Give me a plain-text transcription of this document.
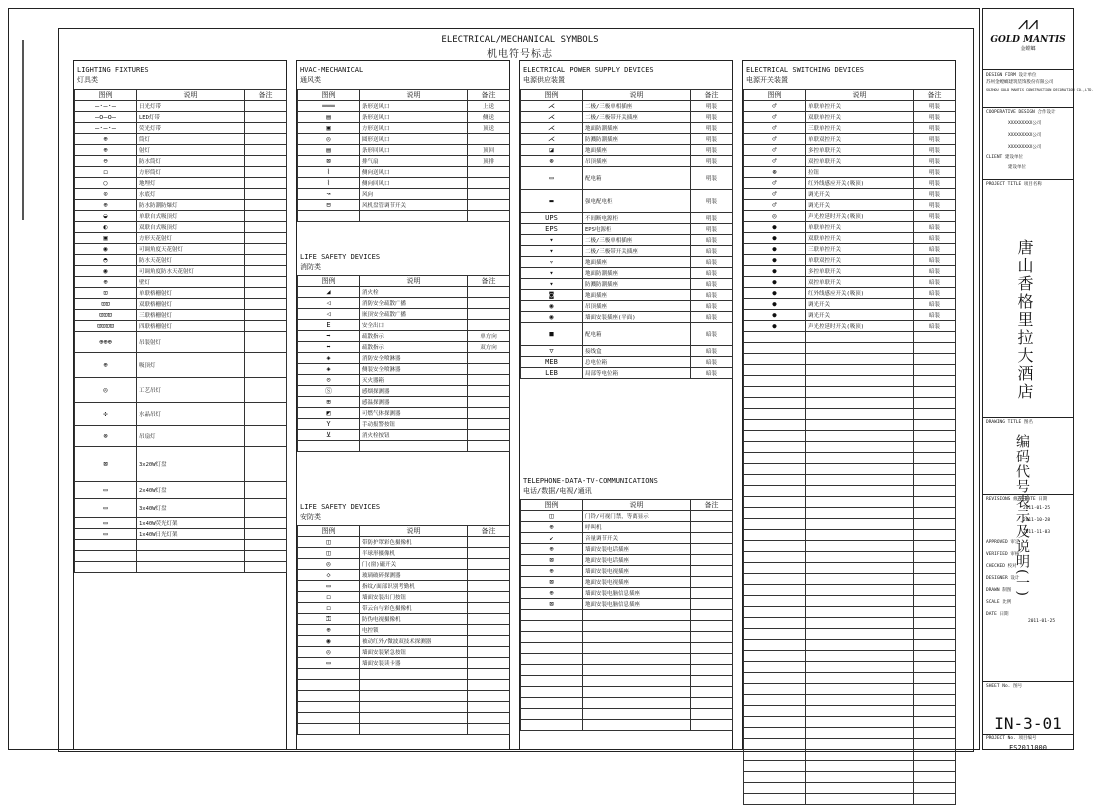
ELECTRICAL/MECHANICAL SYMBOLS
机电符号标志
LIGHTING FIXTURES
灯具类
图例	说明	备注
—·—·—	日光灯带	
—o—o—	LED灯带	
—·—·—	荧光灯带	
⊕	筒灯	
⊕	射灯	
⊖	防水筒灯	
◻	方形筒灯	
○	地埋灯	
⊙	水底灯	
⊕	防水防潮防爆灯	
◒	单联自式吸顶灯	
◐	双联自式吸顶灯	
▣	方形天花射灯	
◉	可调角度天花射灯	
◓	防水天花射灯	
◉	可调角度防水天花射灯	
⊕	壁灯	
⊡	单联格栅射灯	
⊡⊡	双联格栅射灯	
⊡⊡⊡	三联格栅射灯	
⊡⊡⊡⊡	四联格栅射灯	
⊕⊕⊕	吊装射灯	
⊕	吸顶灯	
◎	工艺吊灯	
✣	水晶吊灯	
⊗	吊扇灯	
⊠	3x20W灯盘	
▭	2x40W灯盘	
▭	3x40W灯盘	
▭	1x40W荧光灯架	
▭	1x40W日光灯架	

HVAC-MECHANICAL
通风类
图例	说明	备注
═══	条形送风口	上送
▤	条形送风口	侧送
▣	方形送风口	顶送
◎	圆形送风口	
▤	条形回风口	顶回
⊠	排气扇	顶排
⌇	侧向送风口	
⌇	侧向回风口	
↝	风向	
⊟	风机盘管调节开关	

LIFE SAFETY DEVICES
消防类
图例	说明	备注
◢	消火栓	
◁	消防安全疏散广播	
◁	嵌顶安全疏散广播	
E	安全出口	
➡	疏散指示	单方向
⬌	疏散指示	双方向
◈	消防安全喷淋器	
◈	侧装安全喷淋器	
⊝	灭火器箱	
Ⓢ	感烟探测器	
⊞	感温探测器	
◩	可燃气体探测器	
Y	手动报警按钮	
⊻	消火栓按钮	

LIFE SAFETY DEVICES
安防类
图例	说明	备注
◫	带防护罩彩色摄像机	
◫	半球形摄像机	
◎	门(窗)磁开关	
◇	玻璃破碎探测器	
▭	指纹/面部识别考勤机	
◻	墙面安装出门按钮	
◻	带云台与彩色摄像机	
⚿	防伪电视摄像机	
⊕	电控锁	
◉	被动红外/微波双技术探测器	
◎	墙面安装紧急按钮	
▭	墙面安装读卡器	

ELECTRICAL POWER SUPPLY DEVICES
电源供应装置
图例	说明	备注
⋌	二极/三极单相插座	明装
⋌	二极/三极带开关插座	明装
⋌	地面防潮插座	明装
⋌	防溅防潮插座	明装
◪	地面插座	明装
⊛	吊顶插座	明装
▭	配电箱	明装
▬	强电配电柜	明装
UPS	不间断电源柜	明装
EPS	EPS电源柜	明装
▾	二极/三极单相插座	暗装
▾	二极/三极带开关插座	暗装
▿	地面插座	暗装
▾	地面防潮插座	暗装
▾	防溅防潮插座	暗装
◙	地面插座	暗装
◉	吊顶插座	暗装
◉	墙面安装插座(平面)	暗装
■	配电箱	暗装
▽	接线盒	暗装
MEB	总电位箱	暗装
LEB	局部等电位箱	暗装
TELEPHONE-DATA-TV-COMMUNICATIONS
电话/数据/电视/通讯
图例	说明	备注
◫	门铃/可视门禁，等离显示	
⊕	呼叫机	
↙	音量调节开关	
⊕	墙面安装电话插座	
⊠	地面安装电话插座	
⊕	墙面安装电视插座	
⊠	地面安装电视插座	
⊕	墙面安装电脑信息插座	
⊠	地面安装电脑信息插座	

ELECTRICAL SWITCHING DEVICES
电源开关装置
图例	说明	备注
♂	单联单控开关	明装
♂	双联单控开关	明装
♂	三联单控开关	明装
♂	单联双控开关	明装
♂	多控单联开关	明装
♂	双控单联开关	明装
⊛	拉钮	明装
♂	红外线感应开关(吸顶)	明装
♂	调光开关	明装
♂	调光开关	明装
◎	声光控延时开关(吸顶)	明装
●	单联单控开关	暗装
●	双联单控开关	暗装
●	三联单控开关	暗装
●	单联双控开关	暗装
●	多控单联开关	暗装
●	双控单联开关	暗装
●	红外线感应开关(吸顶)	暗装
●	调光开关	暗装
●	调光开关	暗装
●	声光控延时开关(吸顶)	暗装

⩘⩘
GOLD MANTIS
金螳螂
DESIGN FIRM 设计单位
苏州金螳螂建筑装饰股份有限公司
SUZHOU GOLD MANTIS CONSTRUCTION DECORATION CO.,LTD.
COOPERATIVE DESIGN 合作设计
XXXXXXXXX公司
XXXXXXXXX公司
XXXXXXXXX公司
CLIENT 建设单位
建设单位
PROJECT TITLE 项目名称
唐山香格里拉大酒店
DRAWING TITLE 图名
编码代号表示及说明(一)
REVISIONS 修改 DATE 日期
2011-01-25
2011-10-28
2011-11-03
APPROVED 审定
VERIFIED 审核
CHECKED 校对
DESIGNER 设计
DRAWN 制图
SCALE 比例
DATE 日期
2011-01-25
SHEET No. 图号
IN-3-01
PROJECT No. 项目编号
FS2011000
